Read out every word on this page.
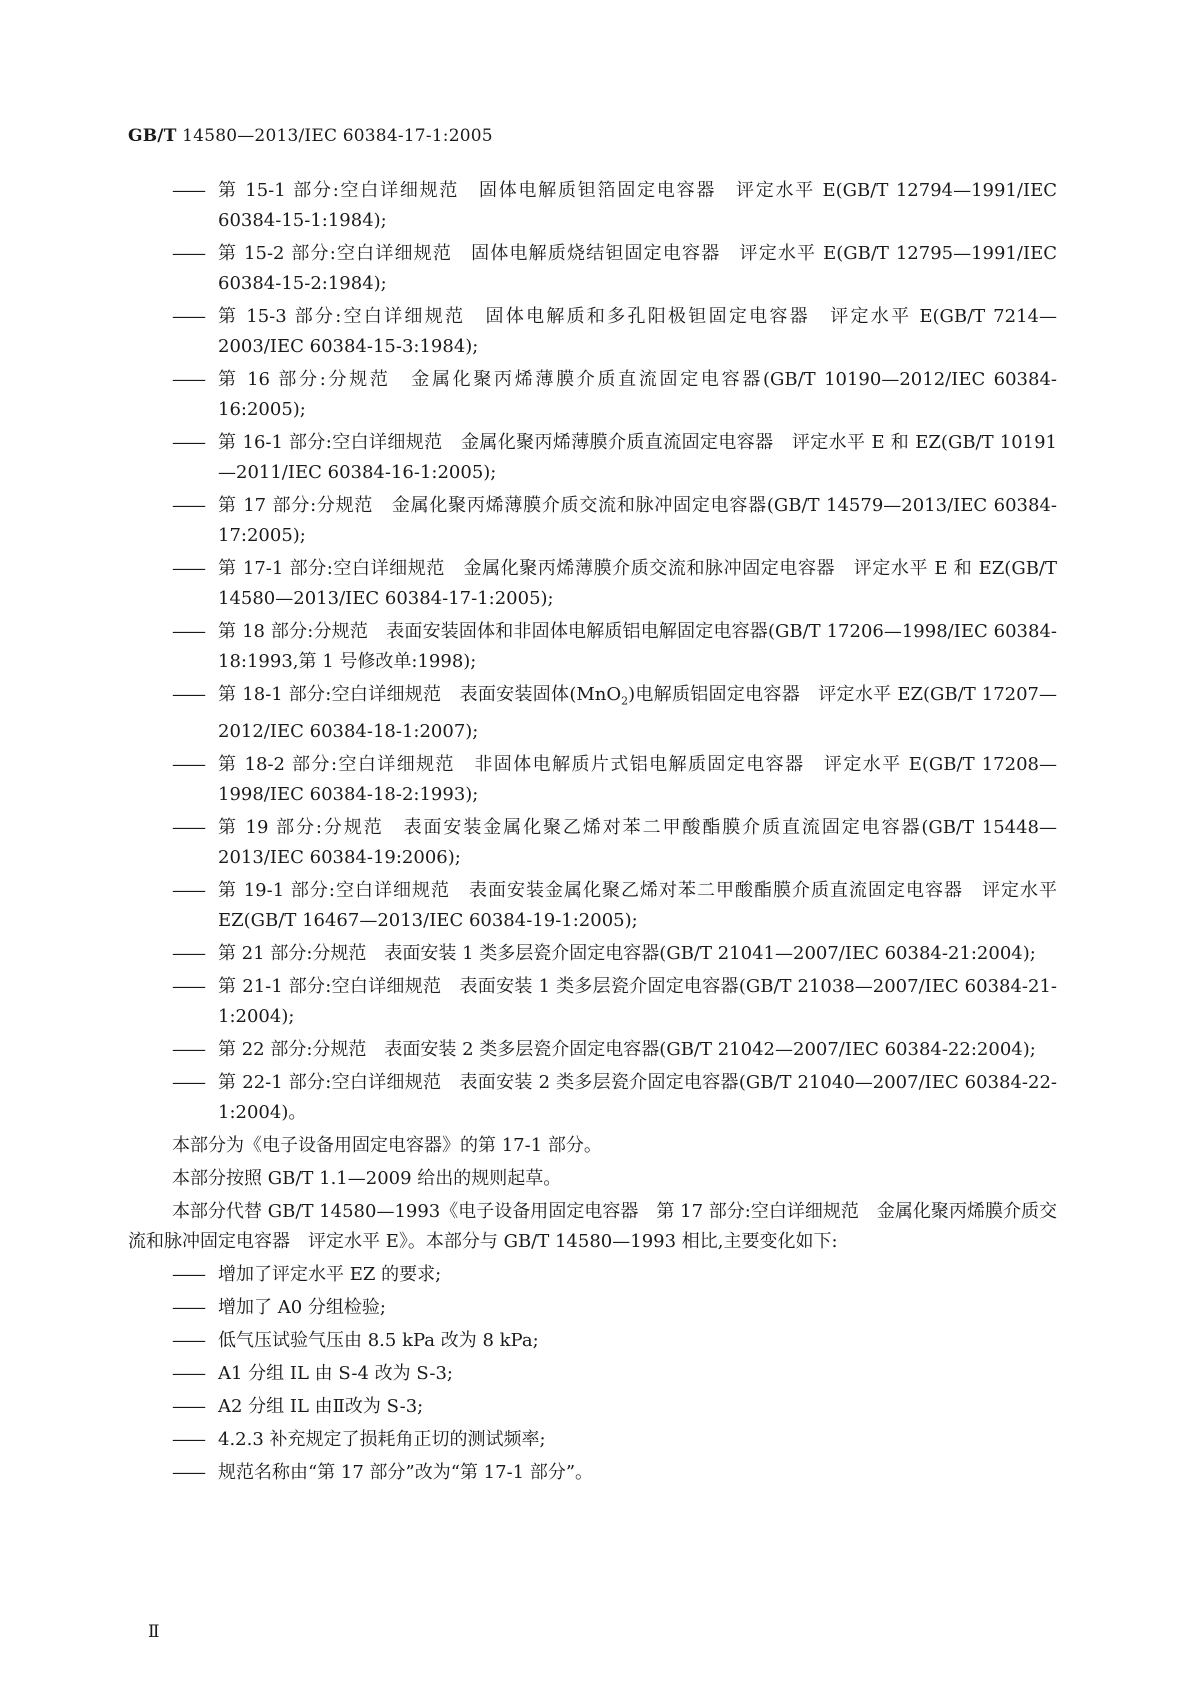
GB/T 14580—2013/IEC 60384-17-1:2005
—— 第 15-1 部分:空白详细规范　固体电解质钽箔固定电容器　评定水平 E(GB/T 12794—1991/IEC 60384-15-1:1984);
—— 第 15-2 部分:空白详细规范　固体电解质烧结钽固定电容器　评定水平 E(GB/T 12795—1991/IEC 60384-15-2:1984);
—— 第 15-3 部分:空白详细规范　固体电解质和多孔阳极钽固定电容器　评定水平 E(GB/T 7214—2003/IEC 60384-15-3:1984);
—— 第 16 部分:分规范　金属化聚丙烯薄膜介质直流固定电容器(GB/T 10190—2012/IEC 60384-16:2005);
—— 第 16-1 部分:空白详细规范　金属化聚丙烯薄膜介质直流固定电容器　评定水平 E 和 EZ(GB/T 10191—2011/IEC 60384-16-1:2005);
—— 第 17 部分:分规范　金属化聚丙烯薄膜介质交流和脉冲固定电容器(GB/T 14579—2013/IEC 60384-17:2005);
—— 第 17-1 部分:空白详细规范　金属化聚丙烯薄膜介质交流和脉冲固定电容器　评定水平 E 和 EZ(GB/T 14580—2013/IEC 60384-17-1:2005);
—— 第 18 部分:分规范　表面安装固体和非固体电解质铝电解固定电容器(GB/T 17206—1998/IEC 60384-18:1993,第 1 号修改单:1998);
—— 第 18-1 部分:空白详细规范　表面安装固体(MnO$_2$)电解质铝固定电容器　评定水平 EZ(GB/T 17207—2012/IEC 60384-18-1:2007);
—— 第 18-2 部分:空白详细规范　非固体电解质片式铝电解质固定电容器　评定水平 E(GB/T 17208—1998/IEC 60384-18-2:1993);
—— 第 19 部分:分规范　表面安装金属化聚乙烯对苯二甲酸酯膜介质直流固定电容器(GB/T 15448—2013/IEC 60384-19:2006);
—— 第 19-1 部分:空白详细规范　表面安装金属化聚乙烯对苯二甲酸酯膜介质直流固定电容器　评定水平 EZ(GB/T 16467—2013/IEC 60384-19-1:2005);
—— 第 21 部分:分规范　表面安装 1 类多层瓷介固定电容器(GB/T 21041—2007/IEC 60384-21:2004);
—— 第 21-1 部分:空白详细规范　表面安装 1 类多层瓷介固定电容器(GB/T 21038—2007/IEC 60384-21-1:2004);
—— 第 22 部分:分规范　表面安装 2 类多层瓷介固定电容器(GB/T 21042—2007/IEC 60384-22:2004);
—— 第 22-1 部分:空白详细规范　表面安装 2 类多层瓷介固定电容器(GB/T 21040—2007/IEC 60384-22-1:2004)。

本部分为《电子设备用固定电容器》的第 17-1 部分。

本部分按照 GB/T 1.1—2009 给出的规则起草。

本部分代替 GB/T 14580—1993《电子设备用固定电容器　第 17 部分:空白详细规范　金属化聚丙烯膜介质交流和脉冲固定电容器　评定水平 E》。本部分与 GB/T 14580—1993 相比,主要变化如下:

—— 增加了评定水平 EZ 的要求;
—— 增加了 A0 分组检验;
—— 低气压试验气压由 8.5 kPa 改为 8 kPa;
—— A1 分组 IL 由 S-4 改为 S-3;
—— A2 分组 IL 由Ⅱ改为 S-3;
—— 4.2.3 补充规定了损耗角正切的测试频率;
—— 规范名称由“第 17 部分”改为“第 17-1 部分”。
Ⅱ
